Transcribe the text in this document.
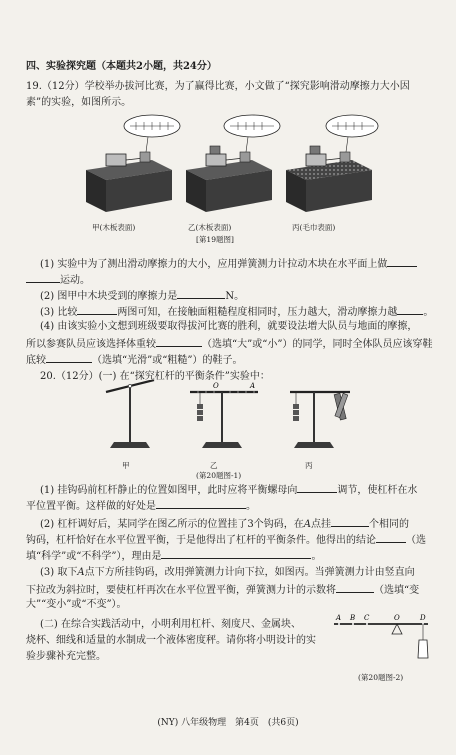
四、实验探究题（本题共2小题，共24分）
19.（12分）学校举办拔河比赛，为了赢得比赛，小文做了“探究影响滑动摩擦力大小因
素”的实验，如图所示。
甲(木板表面)	乙(木板表面)	丙(毛巾表面)
[第19题图]
(1) 实验中为了测出滑动摩擦力的大小，应用弹簧测力计拉动木块在水平面上做
运动。
(2) 图甲中木块受到的摩擦力是	N。
(3) 比较	两图可知，在接触面粗糙程度相同时，压力越大，滑动摩擦力越	。
(4) 由该实验小文想到班级要取得拔河比赛的胜利，就要设法增大队员与地面的摩擦，
所以参赛队员应该选择体重较	（选填“大”或“小”）的同学，同时全体队员应该穿鞋
底较	（选填“光滑”或“粗糙”）的鞋子。
20.（12分）(一) 在“探究杠杆的平衡条件”实验中：
O	A
甲	乙	丙
(第20题图-1)
(1) 挂钩码前杠杆静止的位置如图甲，此时应将平衡螺母向	调节，使杠杆在水
平位置平衡。这样做的好处是	。
(2) 杠杆调好后，某同学在图乙所示的位置挂了3个钩码，在A点挂	个相同的
钩码，杠杆恰好在水平位置平衡，于是他得出了杠杆的平衡条件。他得出的结论	（选
填“科学”或“不科学”），理由是	。
(3) 取下A点下方所挂钩码，改用弹簧测力计向下拉，如图丙。当弹簧测力计由竖直向
下拉改为斜拉时，要使杠杆再次在水平位置平衡，弹簧测力计的示数将	（选填“变
大”“变小”或“不变”）。
(二) 在综合实践活动中，小明利用杠杆、刻度尺、金属块、
烧杯、细线和适量的水制成一个液体密度秤。请你将小明设计的实
验步骤补充完整。
A B C	O	D
(第20题图-2)
(NY) 八年级物理　第4页　(共6页)
